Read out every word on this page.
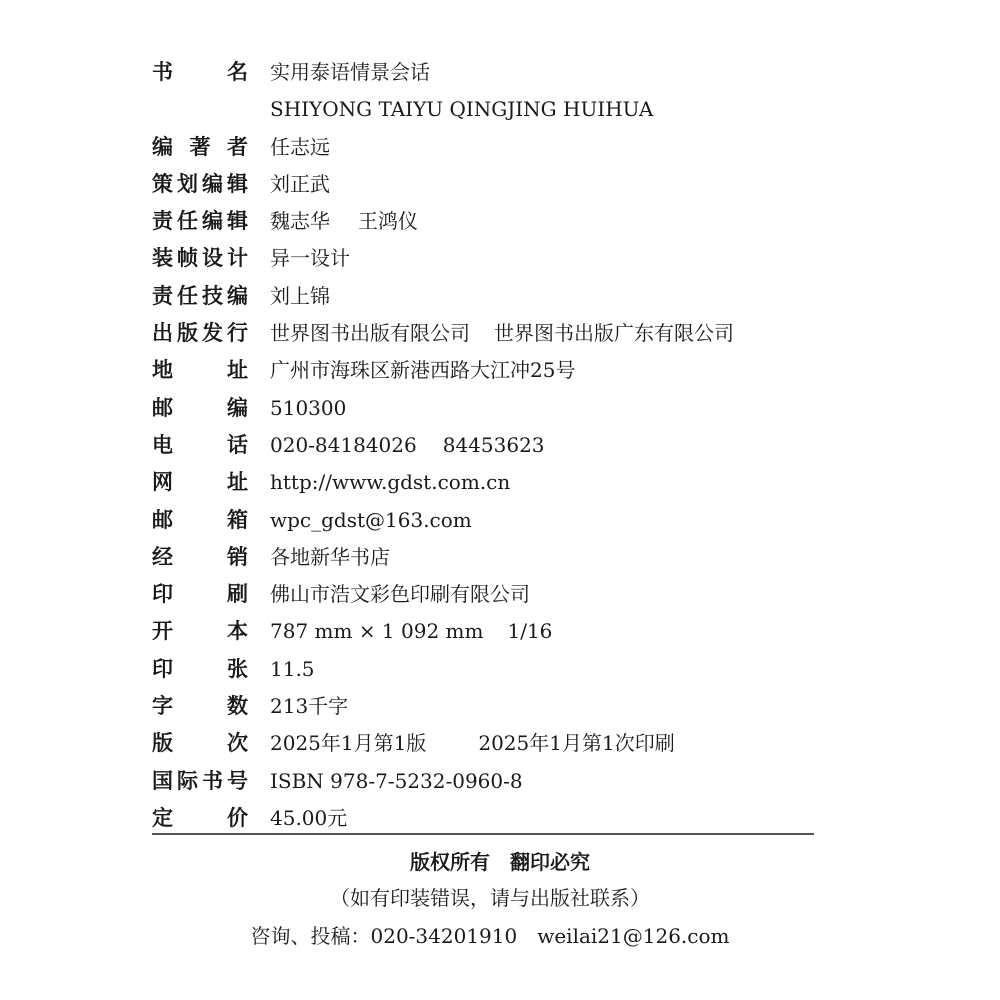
书	名 实用泰语情景会话
SHIYONG TAIYU QINGJING HUIHUA
编 著 者 任志远
策 划 编 辑 刘正武
责 任 编 辑 魏志华 王鸿仪
装 帧 设 计 异一设计
责 任 技 编 刘上锦
出 版 发 行 世界图书出版有限公司 世界图书出版广东有限公司
地	址 广州市海珠区新港西路大江冲25号
邮	编 510300
电	话 020-84184026 84453623
网	址 http://www.gdst.com.cn
邮	箱 wpc_gdst@163.com
经	销 各地新华书店
印	刷 佛山市浩文彩色印刷有限公司
开	本 787 mm × 1 092 mm 1/16
印	张 11.5
字	数 213千字
版	次 2025年1月第1版	2025年1月第1次印刷
国 际 书 号 ISBN 978-7-5232-0960-8
定	价 45.00元
版权所有　翻印必究
（如有印装错误，请与出版社联系）
咨询、投稿：020-34201910　weilai21@126.com
